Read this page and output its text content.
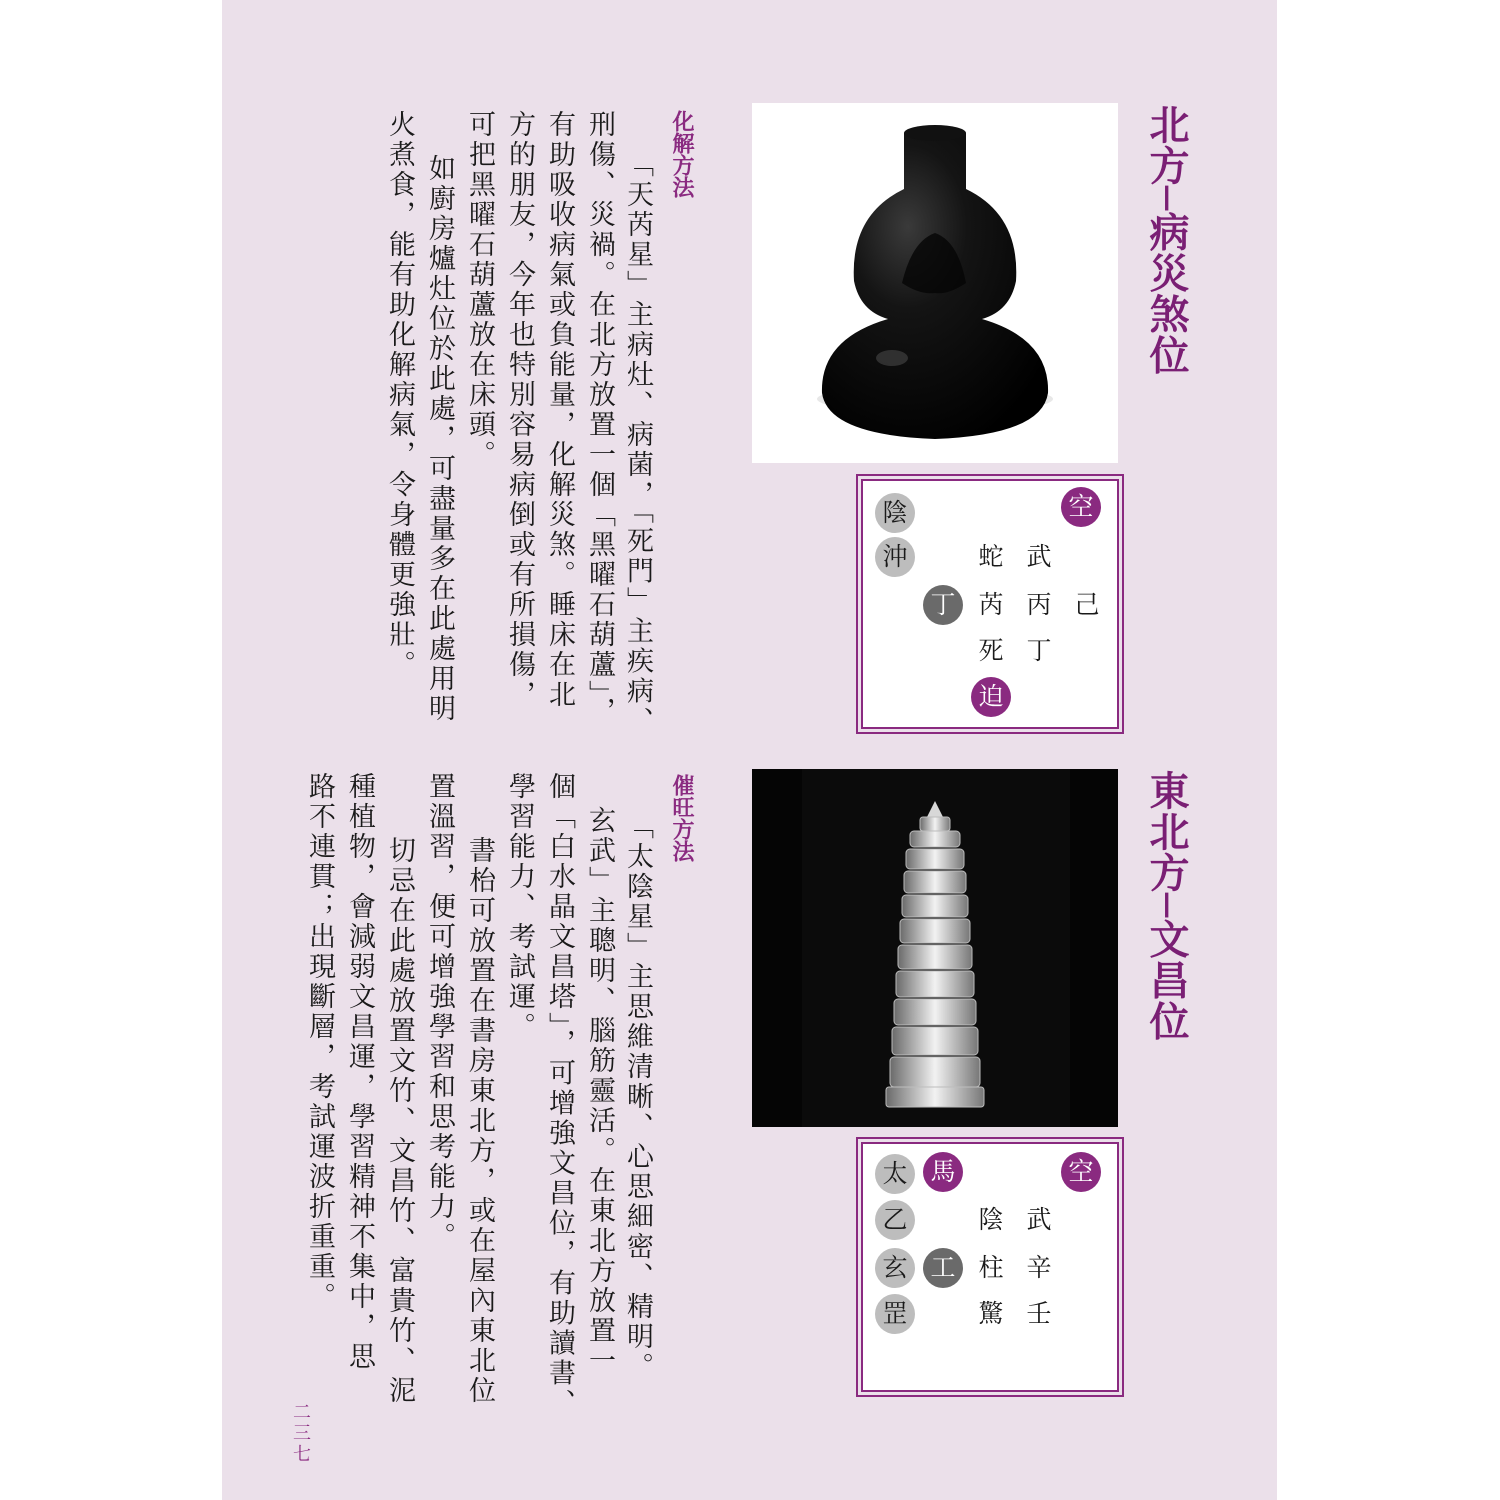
北方─病災煞位
空
陰
沖	蛇 武
丁 芮 丙 己
死 丁
迫
化解方法
「天芮星」主病灶、病菌，「死門」主疾病、
刑傷、災禍。在北方放置一個「黑曜石葫蘆」，
有助吸收病氣或負能量，化解災煞。睡床在北
方的朋友，今年也特別容易病倒或有所損傷，
可把黑曜石葫蘆放在床頭。
　如廚房爐灶位於此處，可盡量多在此處用明
火煮食，能有助化解病氣，令身體更強壯。
東北方─文昌位
空
馬
太
乙
玄
罡
陰 武
工 柱 辛
驚 壬
催旺方法
「太陰星」主思維清晰、心思細密、精明。
玄武」主聰明、腦筋靈活。在東北方放置一
個「白水晶文昌塔」，可增強文昌位，有助讀書、
學習能力、考試運。
　書枱可放置在書房東北方，或在屋內東北位
置溫習，便可增強學習和思考能力。
　切忌在此處放置文竹、文昌竹、富貴竹、泥
種植物，會減弱文昌運，學習精神不集中，思
路不連貫；出現斷層，考試運波折重重。
二三七
